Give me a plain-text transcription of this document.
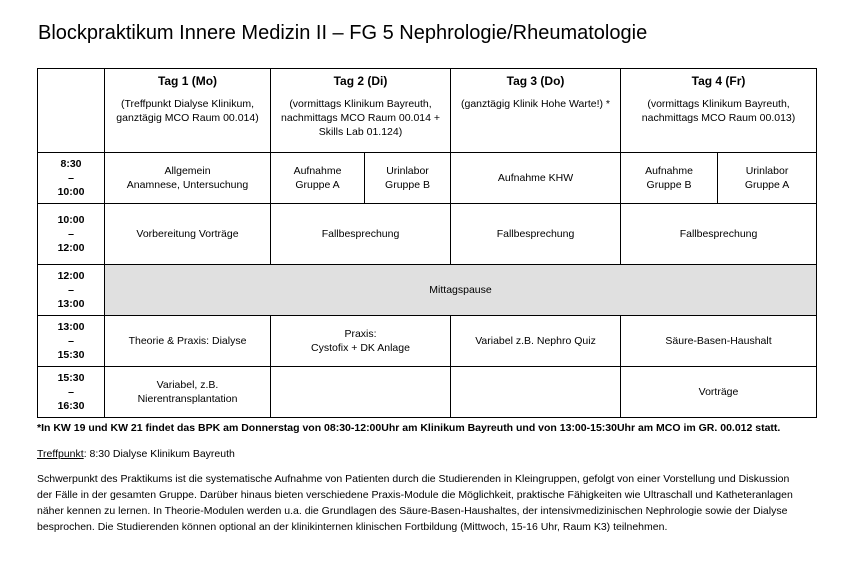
Blockpraktikum Innere Medizin II – FG 5 Nephrologie/Rheumatologie

	Tag 1 (Mo)
(Treffpunkt Dialyse Klinikum,
ganztägig MCO Raum 00.014)	Tag 2 (Di)
(vormittags Klinikum Bayreuth,
nachmittags MCO Raum 00.014 +
Skills Lab 01.124)		Tag 3 (Do)
(ganztägig Klinik Hohe Warte!) *	Tag 4 (Fr)
(vormittags Klinikum Bayreuth,
nachmittags MCO Raum 00.013)	

8:30
–
10:00	Allgemein
Anamnese, Untersuchung	Aufnahme
Gruppe A	Urinlabor
Gruppe B	Aufnahme KHW	Aufnahme
Gruppe B	Urinlabor
Gruppe A

10:00
–
12:00	Vorbereitung Vorträge	Fallbesprechung		Fallbesprechung	Fallbesprechung	

12:00
–
13:00	Mittagspause					

13:00
–
15:30	Theorie & Praxis: Dialyse	Praxis:
Cystofix + DK Anlage		Variabel z.B. Nephro Quiz	Säure-Basen-Haushalt	

15:30
–
16:30	Variabel, z.B.
Nierentransplantation				Vorträge	
*In KW 19 und KW 21 findet das BPK am Donnerstag von 08:30-12:00Uhr am Klinikum Bayreuth und von 13:00-15:30Uhr am MCO im GR. 00.012 statt.
Treffpunkt: 8:30 Dialyse Klinikum Bayreuth
Schwerpunkt des Praktikums ist die systematische Aufnahme von Patienten durch die Studierenden in Kleingruppen, gefolgt von einer Vorstellung und Diskussion
der Fälle in der gesamten Gruppe. Darüber hinaus bieten verschiedene Praxis-Module die Möglichkeit, praktische Fähigkeiten wie Ultraschall und Katheteranlagen
näher kennen zu lernen. In Theorie-Modulen werden u.a. die Grundlagen des Säure-Basen-Haushaltes, der intensivmedizinischen Nephrologie sowie der Dialyse
besprochen. Die Studierenden können optional an der klinikinternen klinischen Fortbildung (Mittwoch, 15-16 Uhr, Raum K3) teilnehmen.
